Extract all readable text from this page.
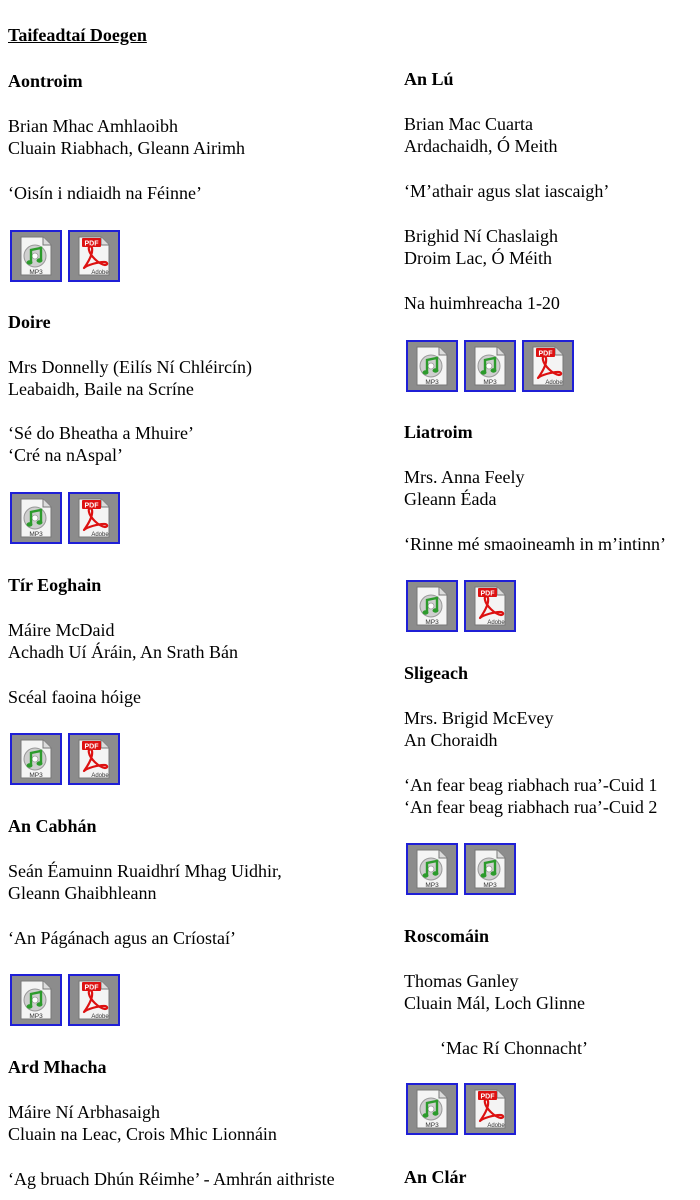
Taifeadtaí Doegen
Aontroim
Brian Mhac Amhlaoibh
Cluain Riabhach, Gleann Airimh
‘Oisín i ndiaidh na Féinne’
MP3
PDF
Adobe
Doire
Mrs Donnelly (Eilís Ní Chléircín)
Leabaidh, Baile na Scríne
‘Sé do Bheatha a Mhuire’
‘Cré na nAspal’
MP3
PDF
Adobe
Tír Eoghain
Máire McDaid
Achadh Uí Áráin, An Srath Bán
Scéal faoina hóige
MP3
PDF
Adobe
An Cabhán
Seán Éamuinn Ruaidhrí Mhag Uidhir,
Gleann Ghaibhleann
‘An Págánach agus an Críostaí’
MP3
PDF
Adobe
Ard Mhacha
Máire Ní Arbhasaigh
Cluain na Leac, Crois Mhic Lionnáin
‘Ag bruach Dhún Réimhe’ - Amhrán aithriste
An Lú
Brian Mac Cuarta
Ardachaidh, Ó Meith
‘M’athair agus slat iascaigh’
Brighid Ní Chaslaigh
Droim Lac, Ó Méith
Na huimhreacha 1-20
MP3	MP3
PDF
Adobe
Liatroim
Mrs. Anna Feely
Gleann Éada
‘Rinne mé smaoineamh in m’intinn’
MP3
PDF
Adobe
Sligeach
Mrs. Brigid McEvey
An Choraidh
‘An fear beag riabhach rua’-Cuid 1
‘An fear beag riabhach rua’-Cuid 2
MP3	MP3
Roscomáin
Thomas Ganley
Cluain Mál, Loch Glinne
‘Mac Rí Chonnacht’
MP3
PDF
Adobe
An Clár
